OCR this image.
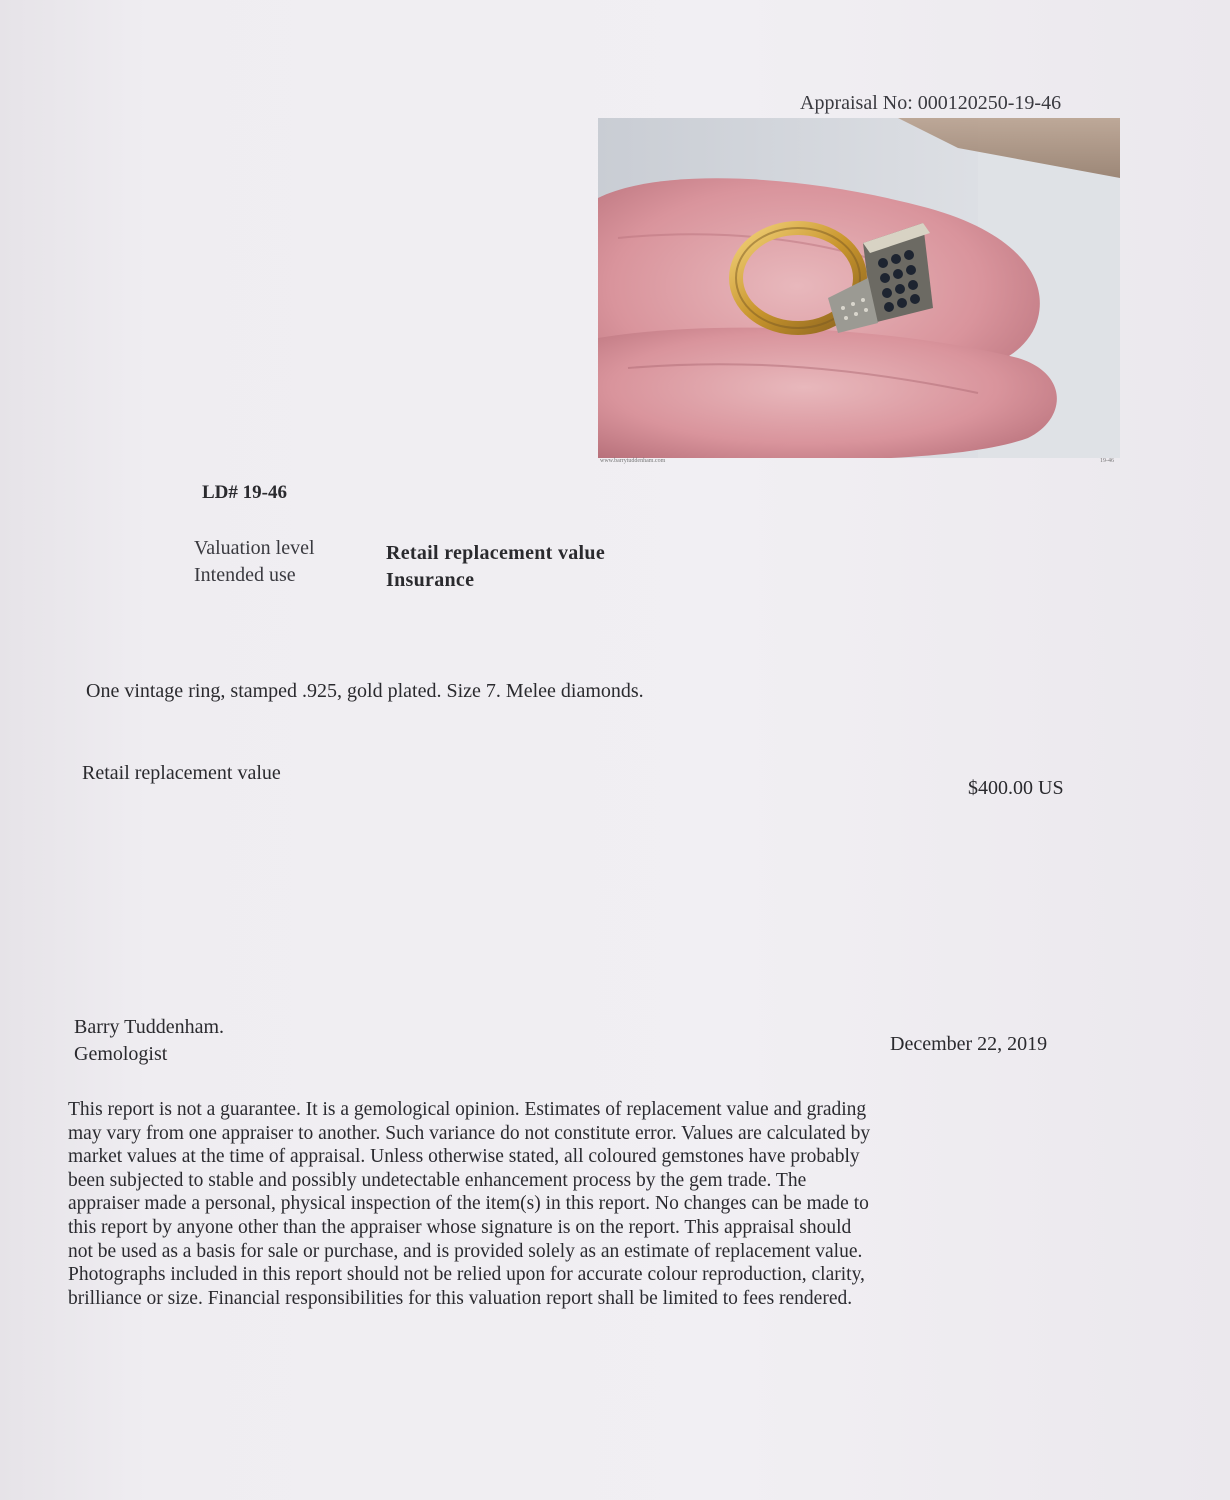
Appraisal No: 000120250-19-46
www.barrytuddenham.com	19-46
LD# 19-46
Valuation level	Retail replacement value
Intended use	Insurance
One vintage ring, stamped .925, gold plated. Size 7. Melee diamonds.
Retail replacement value
$400.00 US
Barry Tuddenham.
Gemologist	December 22, 2019
This report is not a guarantee. It is a gemological opinion. Estimates of replacement value and grading
may vary from one appraiser to another. Such variance do not constitute error. Values are calculated by
market values at the time of appraisal. Unless otherwise stated, all coloured gemstones have probably
been subjected to stable and possibly undetectable enhancement process by the gem trade. The
appraiser made a personal, physical inspection of the item(s) in this report. No changes can be made to
this report by anyone other than the appraiser whose signature is on the report. This appraisal should
not be used as a basis for sale or purchase, and is provided solely as an estimate of replacement value.
Photographs included in this report should not be relied upon for accurate colour reproduction, clarity,
brilliance or size. Financial responsibilities for this valuation report shall be limited to fees rendered.
